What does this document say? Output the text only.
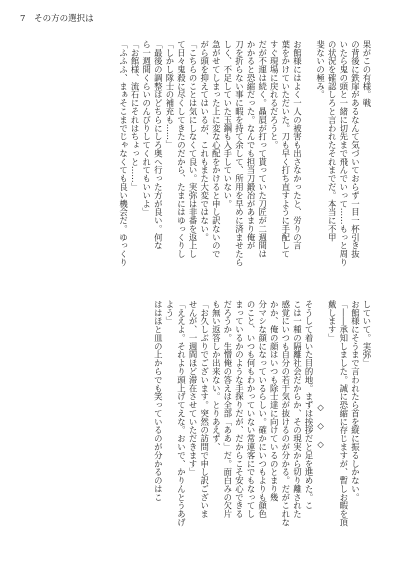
7 その方の選択は
果がこの有様。戦
の背後に鉄扉があるなんて気づいておらず一目一杯引き抜
いたら鬼の頭と一緒に切先まで飛んでいって……もっと周り
の状況を確認しろと言われたそれまでだ。本当に不甲
斐ないの極み。

お館様にはよく一人の被害も出さなかったと、労りの言
葉をかけていただいた。刀も早く打ち直すように手配して
すぐ現場に戻れるだろうと。
だが不運は続く。贔屓が打って貰っていた刀匠が二週間は
かかると恐縮だった。なんでも担当刀鍛冶があまり俺が
刀を折らない事に暇を持て余して、所用を早めに済ませたら
しく、不足していた玉鋼も入手していない。
急がせてしまった上に変な心配をかけると申し訳ないので
がら頭を抑えてはいるが、これもまた大変ではない。
「こちらのことは気にしなくて良い。実弥は非番を返上し
て日々鬼殺に尽くしてきたのだから、たまにはゆっくりし
「しかし隊士の補充も......」
「最後の調整はどちらにしろ奥へ行った方が良い。何な
ら一週間くらいのんびりしてくれてもいいよ」
「お館様、流石にそれはちょっと……」
「ふふふ、まぁそこまでじゃなくても良い機会だ。ゆっくり
していて。実弥」
お館様にそうまで言われたら首を縦に振るしかない。
「――承知しました。誠に恐縮に存じますが、暫しお暇を頂
戴します」
◇　◇　◇
そうして着いた目的地。まずは挨拶だと足を進めた。こ
こは一種の隔離社会だからか、その現実から切り離された
感覚にいつも自分の若干気が抜けるのが分かる。だがこれな
かか、俺の顔はいつも除士達に向けているのとまり幾
分マシな顔になっているらしい。確かにいつもよりも顔色
のこと、いつも何もわかっていない常連客にでもなってし
まっているかのような手探りだが、だからこそ安心できる
だろうか。生憎俺の答えは全部「ああ」だ。面白みの欠片
も無い返答しか出来ない。とりあえず、
「お久しぶりでございます。突然の訪問で申し訳ございま
せんが、一週間ほど滞在させていただきます」
「ええよ。それより頭上げてえな。おいで、かりんとうあげ
よう」
ははほと皿の上からでも笑っているのが分かるのはこ
